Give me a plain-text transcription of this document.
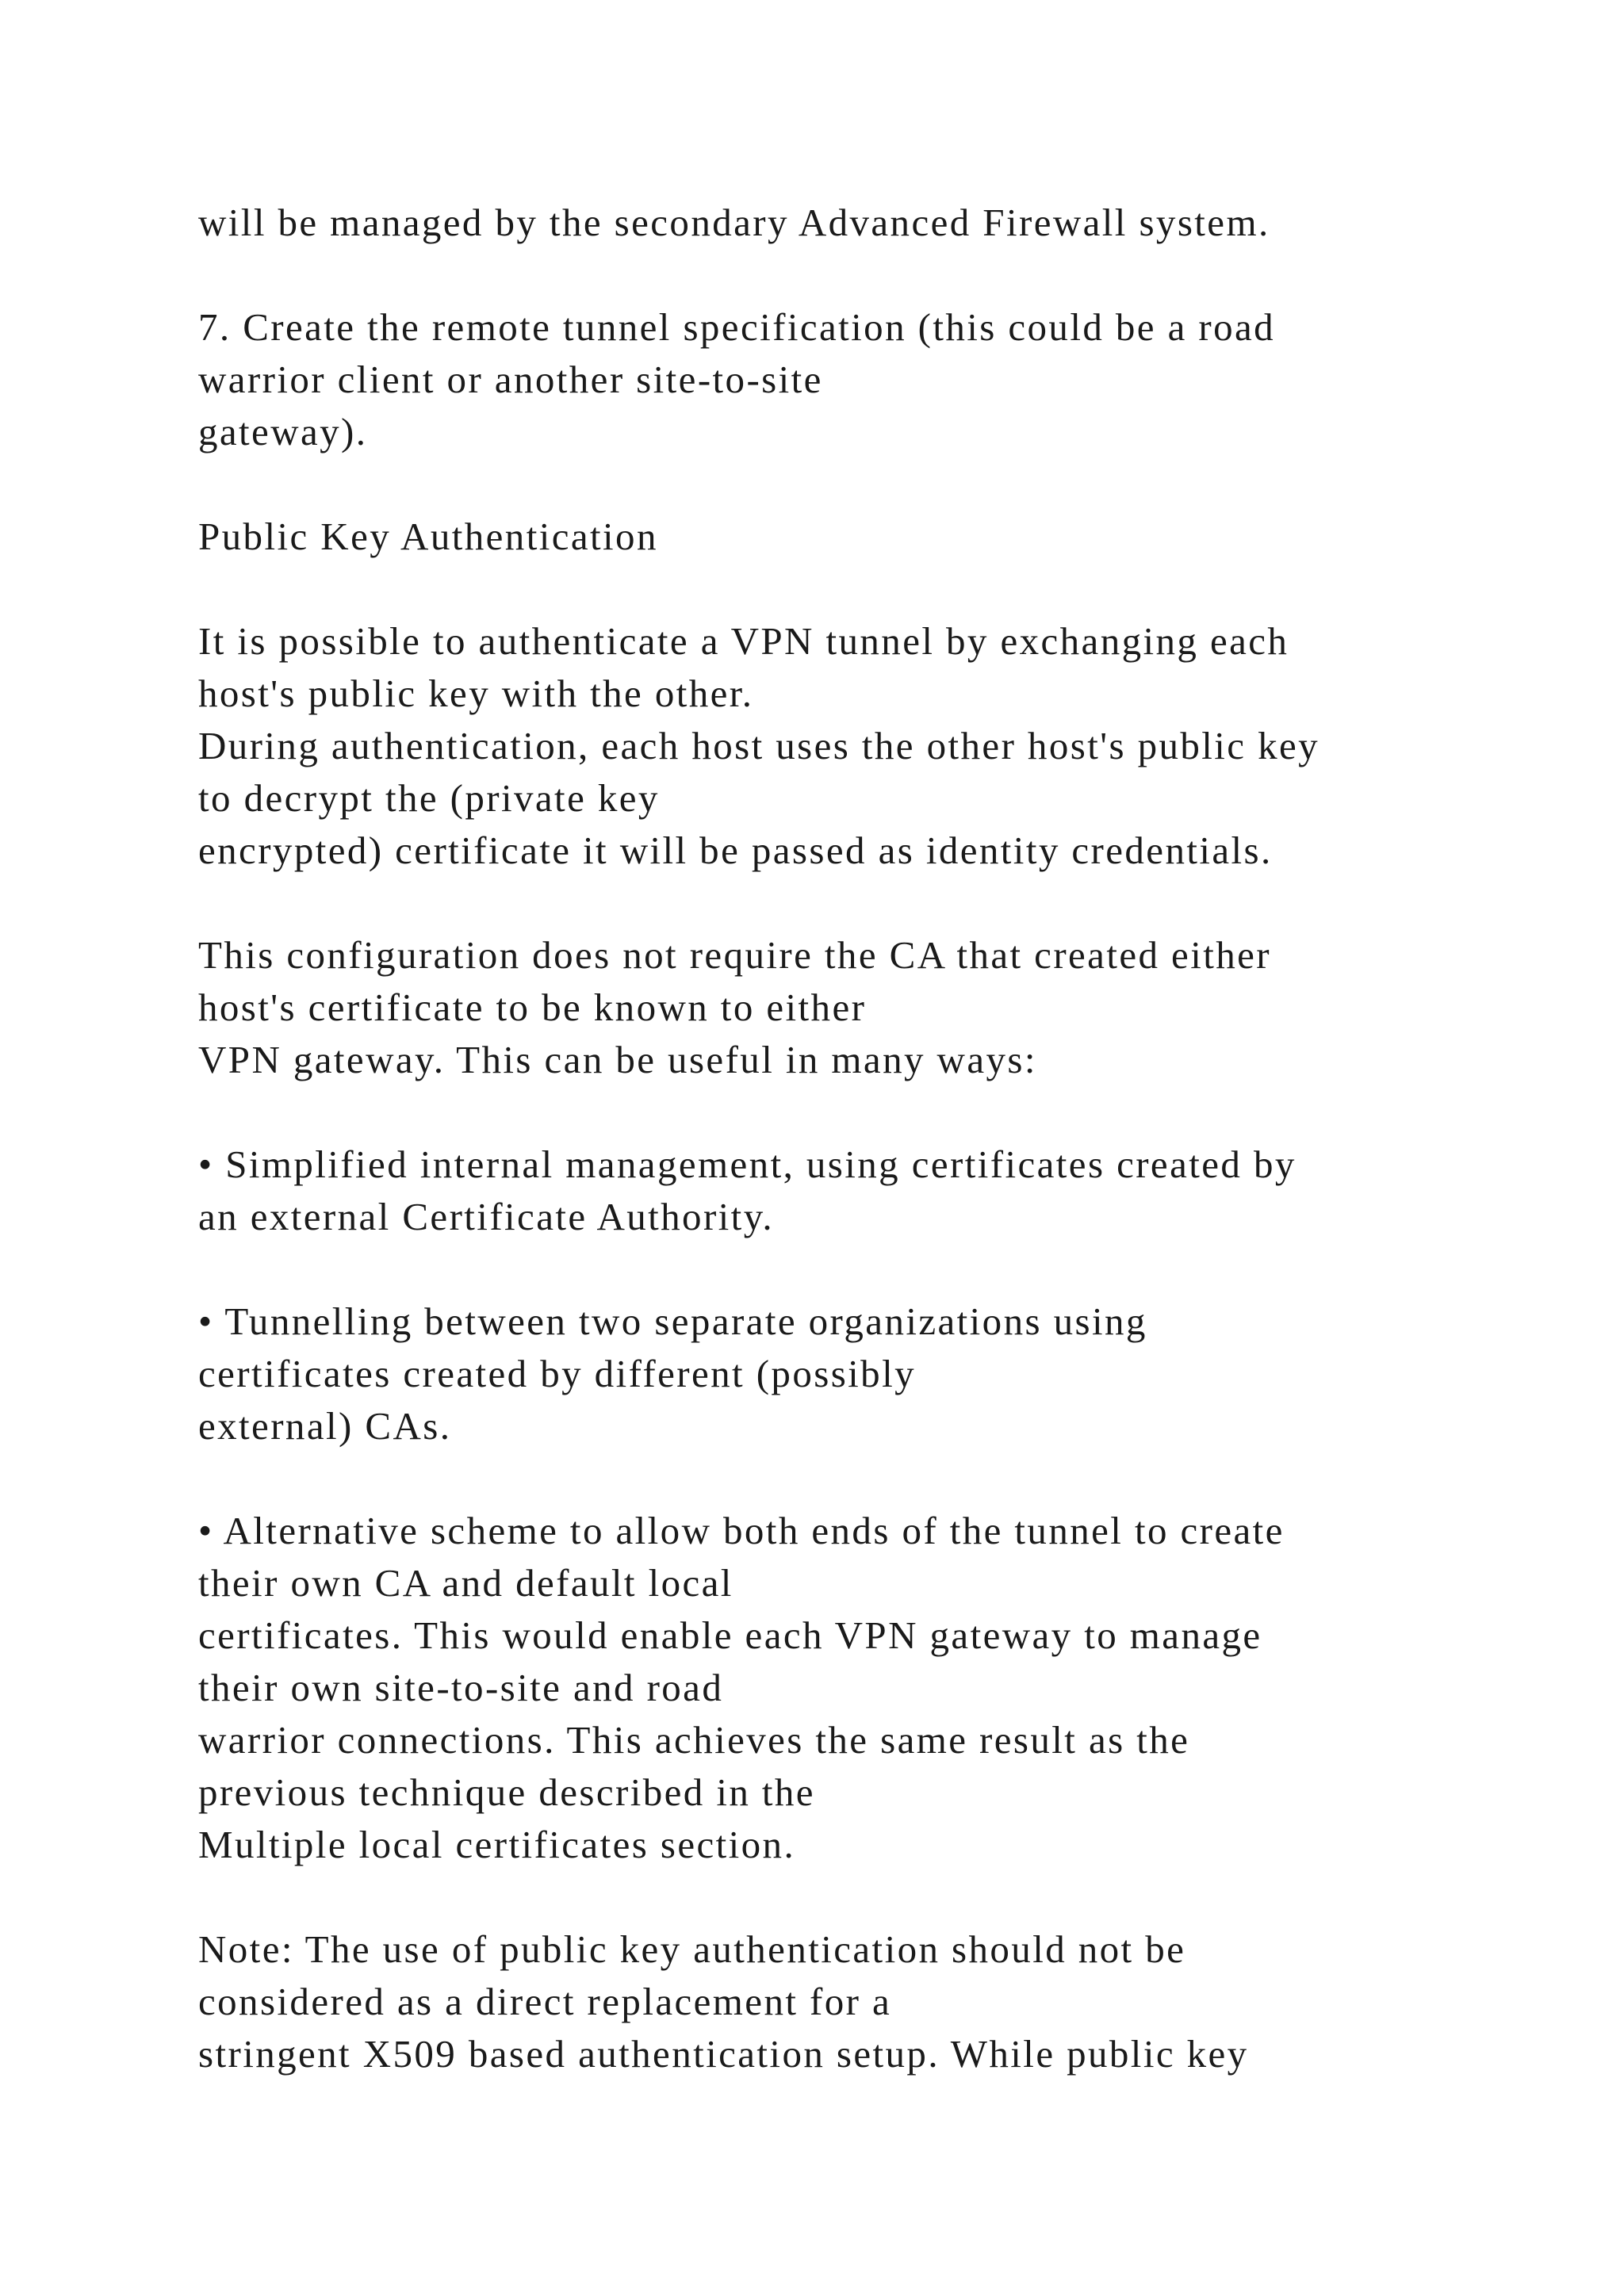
will be managed by the secondary Advanced Firewall system.
7. Create the remote tunnel specification (this could be a road
warrior client or another site-to-site
gateway).
Public Key Authentication
It is possible to authenticate a VPN tunnel by exchanging each
host's public key with the other.
During authentication, each host uses the other host's public key
to decrypt the (private key
encrypted) certificate it will be passed as identity credentials.
This configuration does not require the CA that created either
host's certificate to be known to either
VPN gateway. This can be useful in many ways:
• Simplified internal management, using certificates created by
an external Certificate Authority.
• Tunnelling between two separate organizations using
certificates created by different (possibly
external) CAs.
• Alternative scheme to allow both ends of the tunnel to create
their own CA and default local
certificates. This would enable each VPN gateway to manage
their own site-to-site and road
warrior connections. This achieves the same result as the
previous technique described in the
Multiple local certificates section.
Note: The use of public key authentication should not be
considered as a direct replacement for a
stringent X509 based authentication setup. While public key
